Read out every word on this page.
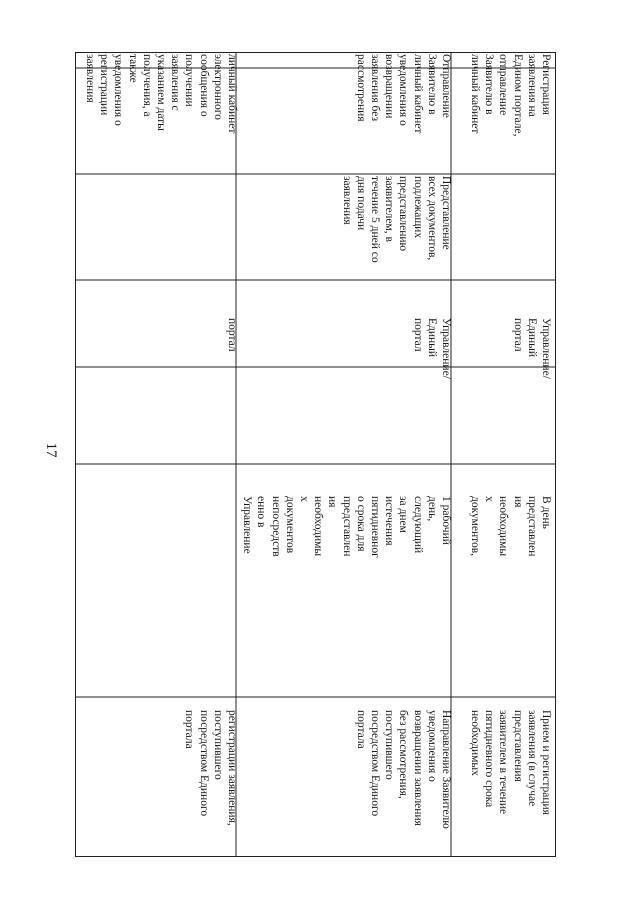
17
регистрации заявления,
поступившего
посредством Единого
портала
портал
личный кабинет
электронного
сообщения о
получении
заявления с
указанием даты
получения, а
также
уведомления о
регистрации
заявления
Направление Заявителю
уведомления о
возвращении заявления
без рассмотрения,
поступившего
посредством Единого
портала
1 рабочий
день,
следующий
за днем
истечения
пятидневног
о срока для
представлен
ия
необходимы
х
документов
непосредств
енно в
Управление
Управление/
Единый
портал
Представление
всех документов,
подлежащих
представлению
заявителем, в
течение 5 дней со
дня подачи
заявления
Отправление
Заявителю в
личный кабинет
уведомления о
возвращении
заявления без
рассмотрения
Прием и регистрация
заявления (в случае
представления
заявителем в течение
пятидневного срока
необходимых
В день
представлен
ия
необходимы
х
документов,
Управление/
Единый
портал
Регистрация
заявления на
Едином портале,
отправление
Заявителю в
личный кабинет
